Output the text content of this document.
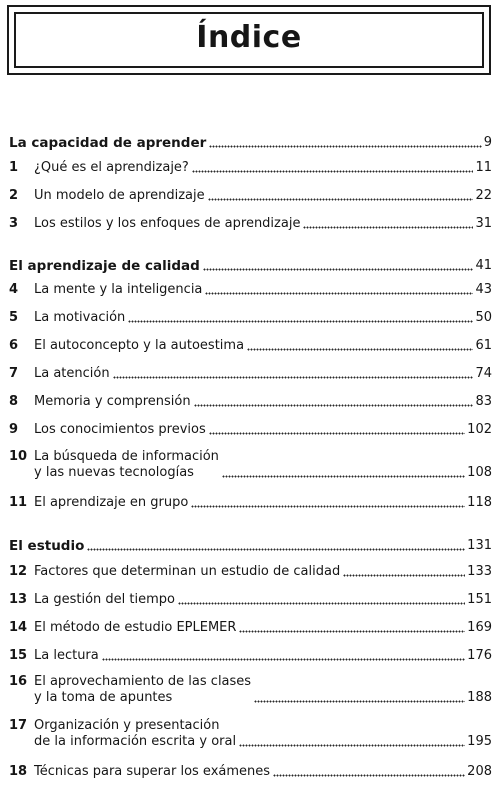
Índice
La capacidad de aprender	9
1	¿Qué es el aprendizaje?	11
2	Un modelo de aprendizaje	22
3	Los estilos y los enfoques de aprendizaje	31
El aprendizaje de calidad	41
4	La mente y la inteligencia	43
5	La motivación	50
6	El autoconcepto y la autoestima	61
7	La atención	74
8	Memoria y comprensión	83
9	Los conocimientos previos	102
10 La búsqueda de información
y las nuevas tecnologías	108
11 El aprendizaje en grupo	118
El estudio	131
12 Factores que determinan un estudio de calidad	133
13 La gestión del tiempo	151
14 El método de estudio EPLEMER	169
15 La lectura	176
16 El aprovechamiento de las clases
y la toma de apuntes	188
17 Organización y presentación
de la información escrita y oral	195
18 Técnicas para superar los exámenes	208
